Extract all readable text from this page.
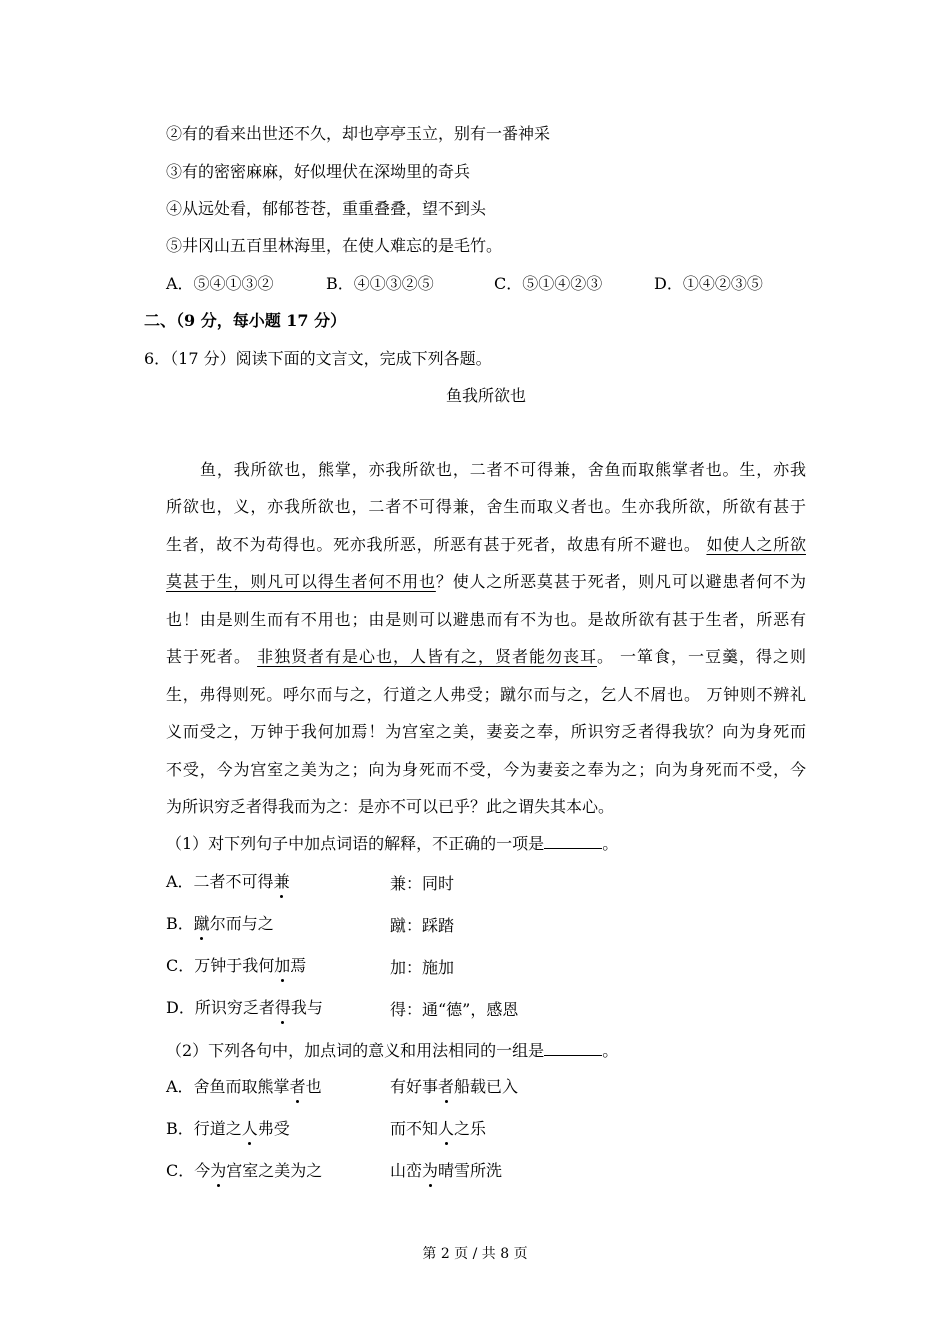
②有的看来出世还不久，却也亭亭玉立，别有一番神采
③有的密密麻麻，好似埋伏在深坳里的奇兵
④从远处看，郁郁苍苍，重重叠叠，望不到头
⑤井冈山五百里林海里，在使人难忘的是毛竹。
A．⑤④①③②	B．④①③②⑤	C．⑤①④②③	D．①④②③⑤
二、（9 分，每小题 17 分）
6．（17 分）阅读下面的文言文，完成下列各题。
鱼我所欲也
鱼，我所欲也，熊掌，亦我所欲也，二者不可得兼，舍鱼而取熊掌者也。生，亦我
所欲也，义，亦我所欲也，二者不可得兼，舍生而取义者也。生亦我所欲，所欲有甚于
生者，故不为苟得也。死亦我所恶，所恶有甚于死者，故患有所不避也。 如使人之所欲
莫甚于生，则凡可以得生者何不用也？使人之所恶莫甚于死者，则凡可以避患者何不为
也！由是则生而有不用也；由是则可以避患而有不为也。是故所欲有甚于生者，所恶有
甚于死者。 非独贤者有是心也，人皆有之，贤者能勿丧耳。 一箪食，一豆羹，得之则
生，弗得则死。呼尔而与之，行道之人弗受；蹴尔而与之，乞人不屑也。 万钟则不辨礼
义而受之，万钟于我何加焉！为宫室之美，妻妾之奉，所识穷乏者得我欤？向为身死而
不受，今为宫室之美为之；向为身死而不受，今为妻妾之奉为之；向为身死而不受，今
为所识穷乏者得我而为之：是亦不可以已乎？此之谓失其本心。
（1）对下列句子中加点词语的解释，不正确的一项是	。
A．二者不可得兼	兼：同时
B．蹴尔而与之	蹴：踩踏
C．万钟于我何加焉	加：施加
D．所识穷乏者得我与	得：通“德”，感恩
（2）下列各句中，加点词的意义和用法相同的一组是	。
A．舍鱼而取熊掌者也	有好事者船载已入
B．行道之人弗受	而不知人之乐
C．今为宫室之美为之	山峦为晴雪所洗
第 2 页 / 共 8 页
